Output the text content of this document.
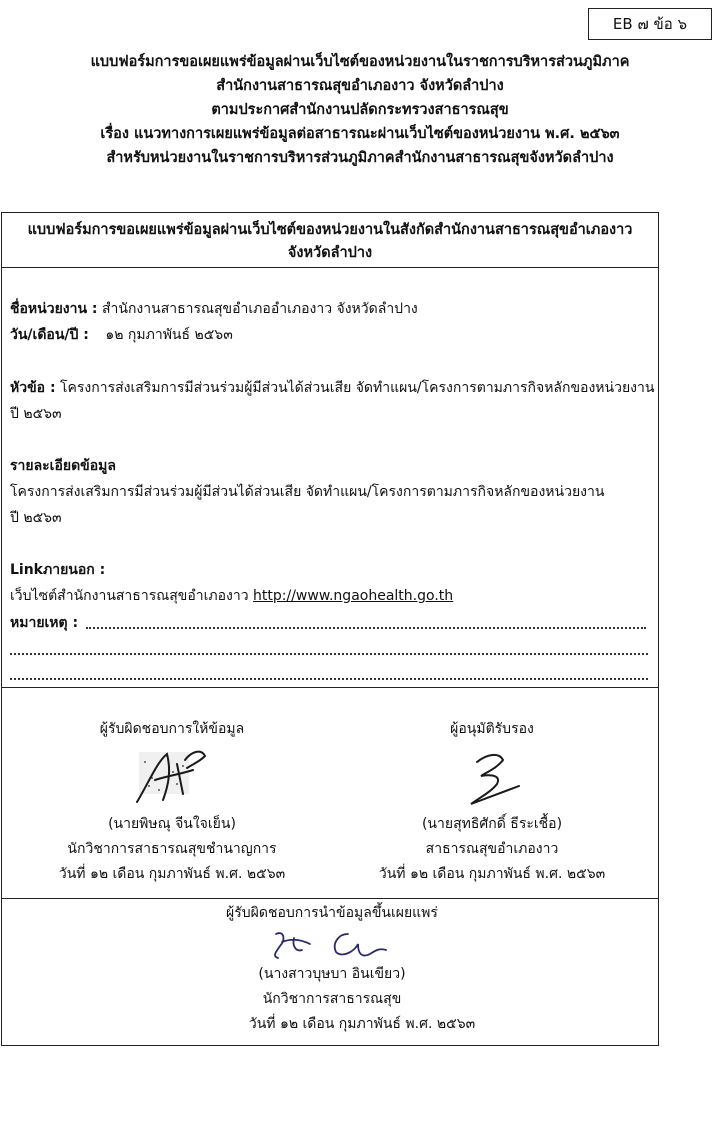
EB ๗ ข้อ ๖
แบบฟอร์มการขอเผยแพร่ข้อมูลผ่านเว็บไซต์ของหน่วยงานในราชการบริหารส่วนภูมิภาค
สำนักงานสาธารณสุขอำเภองาว จังหวัดลำปาง
ตามประกาศสำนักงานปลัดกระทรวงสาธารณสุข
เรื่อง แนวทางการเผยแพร่ข้อมูลต่อสาธารณะผ่านเว็บไซต์ของหน่วยงาน พ.ศ. ๒๕๖๓
สำหรับหน่วยงานในราชการบริหารส่วนภูมิภาคสำนักงานสาธารณสุขจังหวัดลำปาง
แบบฟอร์มการขอเผยแพร่ข้อมูลผ่านเว็บไซต์ของหน่วยงานในสังกัดสำนักงานสาธารณสุขอำเภองาว
จังหวัดลำปาง
ชื่อหน่วยงาน : สำนักงานสาธารณสุขอำเภออำเภองาว จังหวัดลำปาง
วัน/เดือน/ปี : ๑๒ กุมภาพันธ์ ๒๕๖๓
หัวข้อ : โครงการส่งเสริมการมีส่วนร่วมผู้มีส่วนได้ส่วนเสีย จัดทำแผน/โครงการตามภารกิจหลักของหน่วยงาน
ปี ๒๕๖๓
รายละเอียดข้อมูล
โครงการส่งเสริมการมีส่วนร่วมผู้มีส่วนได้ส่วนเสีย จัดทำแผน/โครงการตามภารกิจหลักของหน่วยงาน
ปี ๒๕๖๓
Linkภายนอก :
เว็บไซต์สำนักงานสาธารณสุขอำเภองาว http://www.ngaohealth.go.th
หมายเหตุ :
ผู้รับผิดชอบการให้ข้อมูล
(นายพิษณุ จีนใจเย็น)
นักวิชาการสาธารณสุขชำนาญการ
วันที่ ๑๒ เดือน กุมภาพันธ์ พ.ศ. ๒๕๖๓
ผู้อนุมัติรับรอง
(นายสุทธิศักดิ์ ธีระเชื้อ)
สาธารณสุขอำเภองาว
วันที่ ๑๒ เดือน กุมภาพันธ์ พ.ศ. ๒๕๖๓
ผู้รับผิดชอบการนำข้อมูลขึ้นเผยแพร่
(นางสาวบุษบา อินเขียว)
นักวิชาการสาธารณสุข
วันที่ ๑๒ เดือน กุมภาพันธ์ พ.ศ. ๒๕๖๓
